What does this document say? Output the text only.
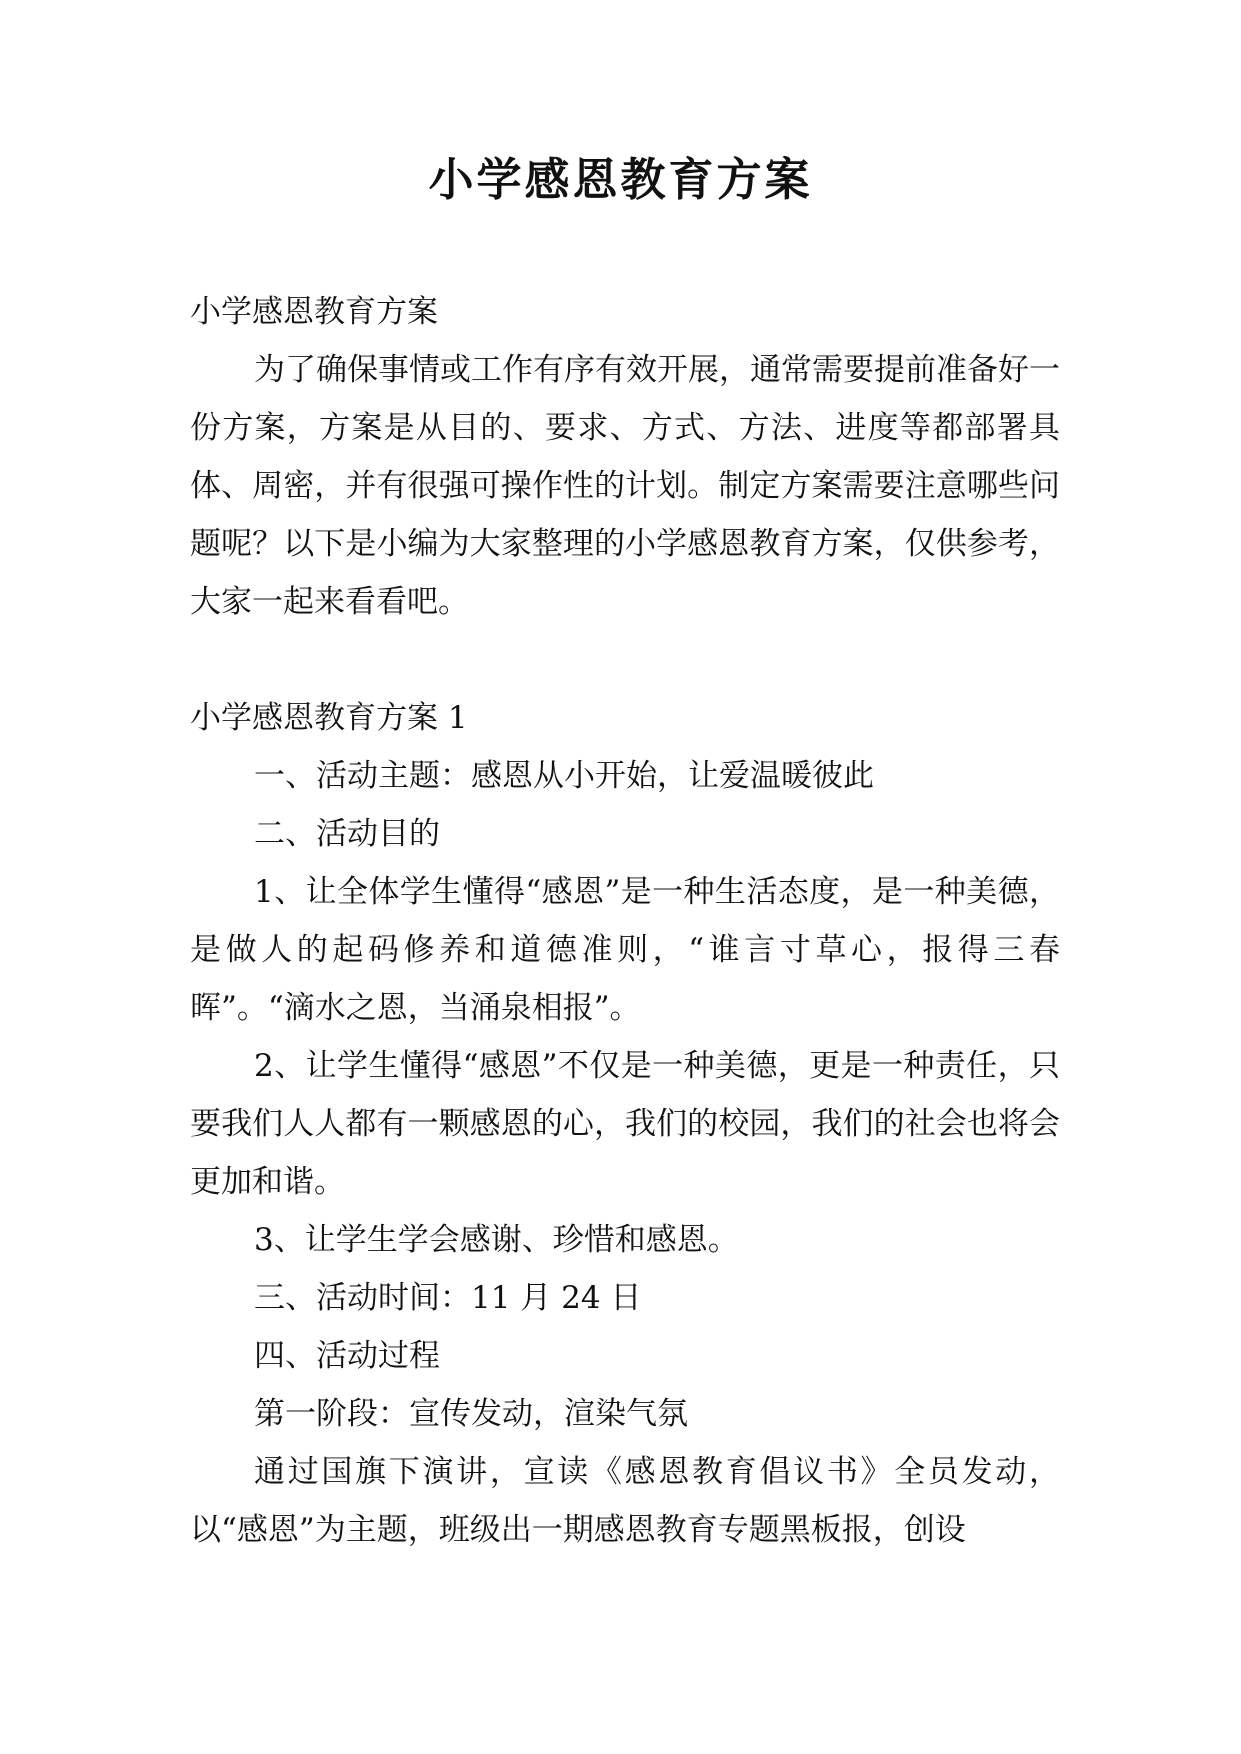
小学感恩教育方案

小学感恩教育方案

为了确保事情或工作有序有效开展，通常需要提前准备好一份方案，方案是从目的、要求、方式、方法、进度等都部署具体、周密，并有很强可操作性的计划。制定方案需要注意哪些问题呢？以下是小编为大家整理的小学感恩教育方案，仅供参考，大家一起来看看吧。

小学感恩教育方案 1

一、活动主题：感恩从小开始，让爱温暖彼此

二、活动目的

1、让全体学生懂得“感恩”是一种生活态度，是一种美德，是做人的起码修养和道德准则，“谁言寸草心，报得三春晖”。“滴水之恩，当涌泉相报”。

2、让学生懂得“感恩”不仅是一种美德，更是一种责任，只要我们人人都有一颗感恩的心，我们的校园，我们的社会也将会更加和谐。

3、让学生学会感谢、珍惜和感恩。

三、活动时间：11 月 24 日

四、活动过程

第一阶段：宣传发动，渲染气氛

通过国旗下演讲，宣读《感恩教育倡议书》全员发动，以“感恩”为主题，班级出一期感恩教育专题黑板报，创设
